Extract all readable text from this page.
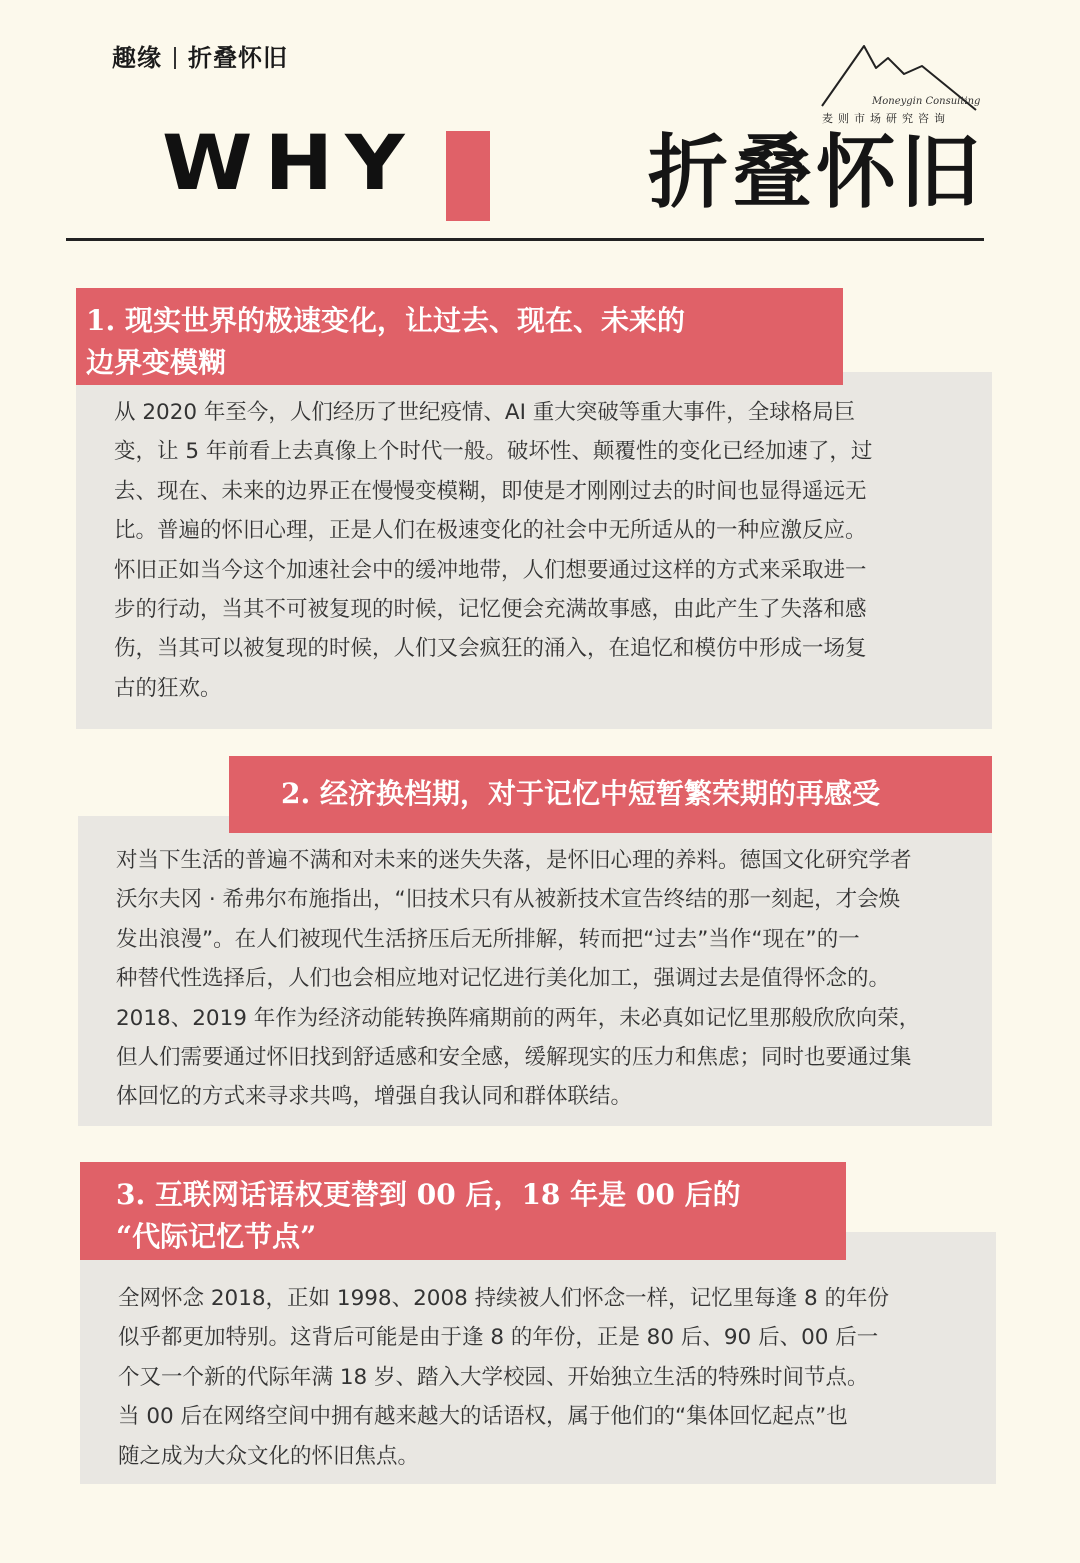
趣缘 折叠怀旧
Moneygin Consulting
麦则市场研究咨询
WHY	折叠怀旧
1. 现实世界的极速变化，让过去、现在、未来的
边界变模糊

从 2020 年至今，人们经历了世纪疫情、AI 重大突破等重大事件，全球格局巨

变，让 5 年前看上去真像上个时代一般。破坏性、颠覆性的变化已经加速了，过

去、现在、未来的边界正在慢慢变模糊，即使是才刚刚过去的时间也显得遥远无

比。普遍的怀旧心理，正是人们在极速变化的社会中无所适从的一种应激反应。

怀旧正如当今这个加速社会中的缓冲地带，人们想要通过这样的方式来采取进一

步的行动，当其不可被复现的时候，记忆便会充满故事感，由此产生了失落和感

伤，当其可以被复现的时候，人们又会疯狂的涌入，在追忆和模仿中形成一场复

古的狂欢。

2. 经济换档期，对于记忆中短暂繁荣期的再感受

对当下生活的普遍不满和对未来的迷失失落，是怀旧心理的养料。德国文化研究学者

沃尔夫冈 · 希弗尔布施指出，“旧技术只有从被新技术宣告终结的那一刻起，才会焕

发出浪漫”。在人们被现代生活挤压后无所排解，转而把“过去”当作“现在”的一

种替代性选择后，人们也会相应地对记忆进行美化加工，强调过去是值得怀念的。

2018、2019 年作为经济动能转换阵痛期前的两年，未必真如记忆里那般欣欣向荣，

但人们需要通过怀旧找到舒适感和安全感，缓解现实的压力和焦虑；同时也要通过集

体回忆的方式来寻求共鸣，增强自我认同和群体联结。

3. 互联网话语权更替到 00 后，18 年是 00 后的
“代际记忆节点”

全网怀念 2018，正如 1998、2008 持续被人们怀念一样，记忆里每逢 8 的年份

似乎都更加特别。这背后可能是由于逢 8 的年份，正是 80 后、90 后、00 后一

个又一个新的代际年满 18 岁、踏入大学校园、开始独立生活的特殊时间节点。

当 00 后在网络空间中拥有越来越大的话语权，属于他们的“集体回忆起点”也

随之成为大众文化的怀旧焦点。
